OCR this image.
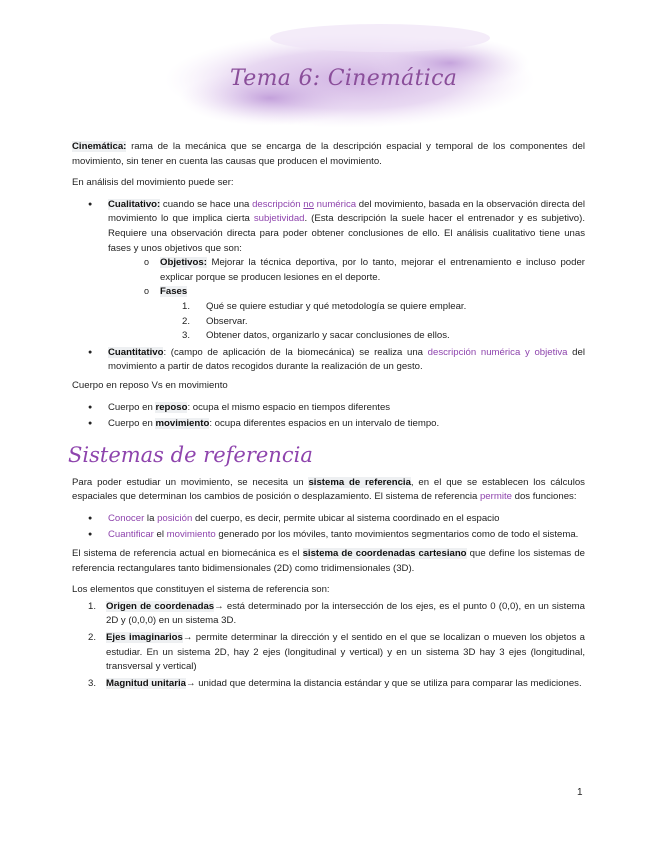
Tema 6: Cinemática

Cinemática: rama de la mecánica que se encarga de la descripción espacial y temporal de los componentes del movimiento, sin tener en cuenta las causas que producen el movimiento.

En análisis del movimiento puede ser:

● Cualitativo: cuando se hace una descripción no numérica del movimiento, basada en la observación directa del movimiento lo que implica cierta subjetividad. (Esta descripción la suele hacer el entrenador y es subjetivo). Requiere una observación directa para poder obtener conclusiones de ello. El análisis cualitativo tiene unas fases y unos objetivos que son:
o Objetivos: Mejorar la técnica deportiva, por lo tanto, mejorar el entrenamiento e incluso poder explicar porque se producen lesiones en el deporte.
o Fases
1. Qué se quiere estudiar y qué metodología se quiere emplear.
2. Observar.
3. Obtener datos, organizarlo y sacar conclusiones de ellos.
● Cuantitativo: (campo de aplicación de la biomecánica) se realiza una descripción numérica y objetiva del movimiento a partir de datos recogidos durante la realización de un gesto.

Cuerpo en reposo Vs en movimiento

● Cuerpo en reposo: ocupa el mismo espacio en tiempos diferentes
● Cuerpo en movimiento: ocupa diferentes espacios en un intervalo de tiempo.
Sistemas de referencia

Para poder estudiar un movimiento, se necesita un sistema de referencia, en el que se establecen los cálculos espaciales que determinan los cambios de posición o desplazamiento. El sistema de referencia permite dos funciones:

● Conocer la posición del cuerpo, es decir, permite ubicar al sistema coordinado en el espacio
● Cuantificar el movimiento generado por los móviles, tanto movimientos segmentarios como de todo el sistema.

El sistema de referencia actual en biomecánica es el sistema de coordenadas cartesiano que define los sistemas de referencia rectangulares tanto bidimensionales (2D) como tridimensionales (3D).

Los elementos que constituyen el sistema de referencia son:

1. Origen de coordenadas→ está determinado por la intersección de los ejes, es el punto 0 (0,0), en un sistema 2D y (0,0,0) en un sistema 3D.
2. Ejes imaginarios→ permite determinar la dirección y el sentido en el que se localizan o mueven los objetos a estudiar. En un sistema 2D, hay 2 ejes (longitudinal y vertical) y en un sistema 3D hay 3 ejes (longitudinal, transversal y vertical)
3. Magnitud unitaria→ unidad que determina la distancia estándar y que se utiliza para comparar las mediciones.
1
